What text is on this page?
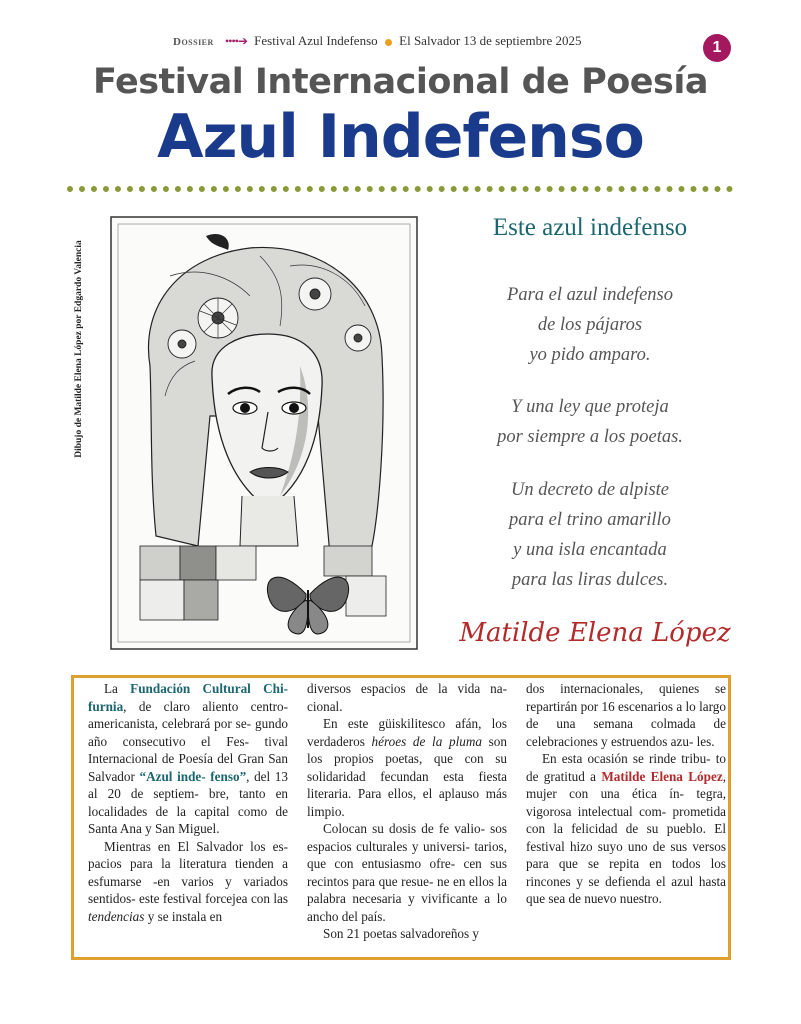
Dossier ••••➔ Festival Azul Indefenso El Salvador 13 de septiembre 2025	1
Festival Internacional de Poesía
Azul Indefenso
Dibujo de Matilde Elena López por Edgardo Valencia
Este azul indefenso
Para el azul indefenso
de los pájaros
yo pido amparo.
Y una ley que proteja
por siempre a los poetas.
Un decreto de alpiste
para el trino amarillo
y una isla encantada
para las liras dulces.
Matilde Elena López

La Fundación Cultural Chi- furnia, de claro aliento centro- americanista, celebrará por se- gundo año consecutivo el Fes- tival Internacional de Poesía del Gran San Salvador “Azul inde- fenso”, del 13 al 20 de septiem- bre, tanto en localidades de la capital como de Santa Ana y San Miguel.

Mientras en El Salvador los es- pacios para la literatura tienden a esfumarse -en varios y variados sentidos- este festival forcejea con las tendencias y se instala en

diversos espacios de la vida na- cional.

En este güiskilitesco afán, los verdaderos héroes de la pluma son los propios poetas, que con su solidaridad fecundan esta fiesta literaria. Para ellos, el aplauso más limpio.

Colocan su dosis de fe valio- sos espacios culturales y universi- tarios, que con entusiasmo ofre- cen sus recintos para que resue- ne en ellos la palabra necesaria y vivificante a lo ancho del país.

Son 21 poetas salvadoreños y

dos internacionales, quienes se repartirán por 16 escenarios a lo largo de una semana colmada de celebraciones y estruendos azu- les.

En esta ocasión se rinde tribu- to de gratitud a Matilde Elena López, mujer con una ética ín- tegra, vigorosa intelectual com- prometida con la felicidad de su pueblo. El festival hizo suyo uno de sus versos para que se repita en todos los rincones y se defienda el azul hasta que sea de nuevo nuestro.
